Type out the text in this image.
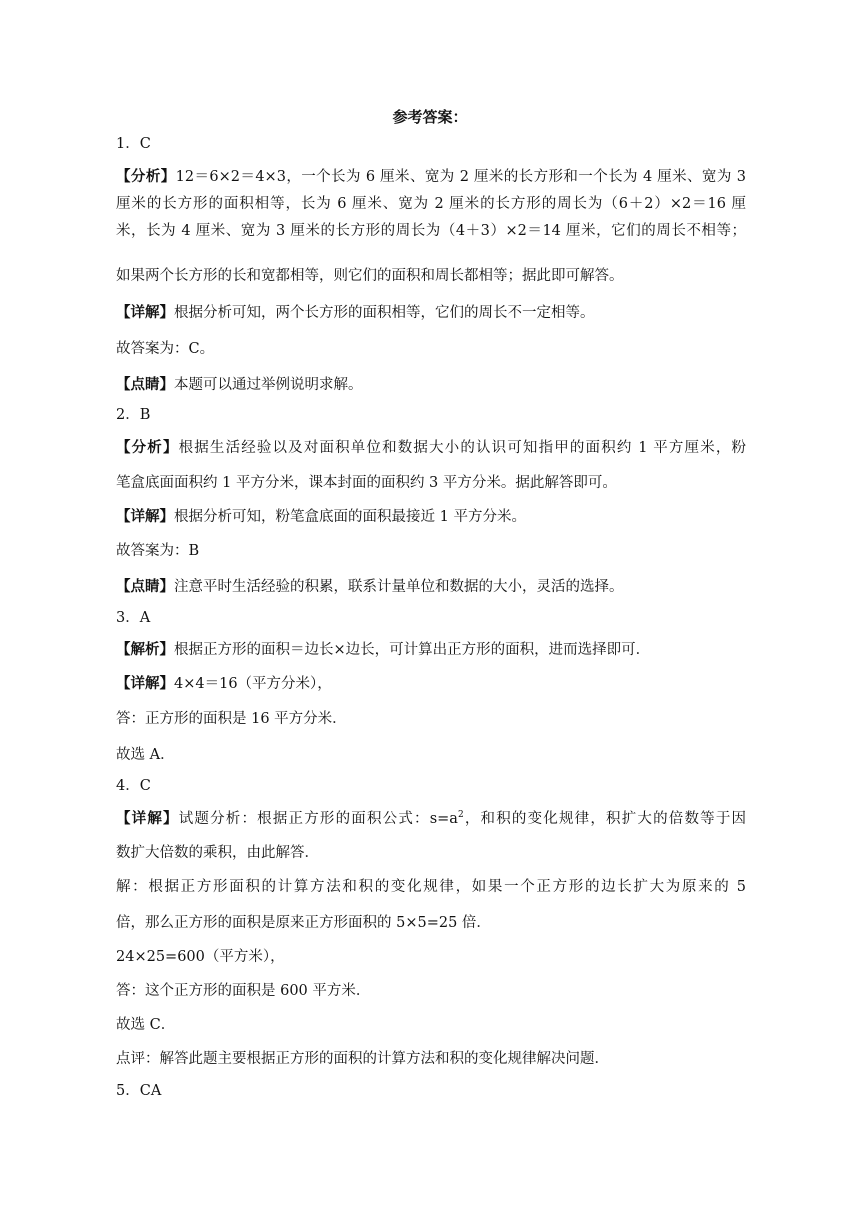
参考答案：
1．C
【分析】12＝6×2＝4×3，一个长为 6 厘米、宽为 2 厘米的长方形和一个长为 4 厘米、宽为 3
厘米的长方形的面积相等，长为 6 厘米、宽为 2 厘米的长方形的周长为（6＋2）×2＝16 厘
米，长为 4 厘米、宽为 3 厘米的长方形的周长为（4＋3）×2＝14 厘米，它们的周长不相等；
如果两个长方形的长和宽都相等，则它们的面积和周长都相等；据此即可解答。
【详解】根据分析可知，两个长方形的面积相等，它们的周长不一定相等。
故答案为：C。
【点睛】本题可以通过举例说明求解。
2．B
【分析】根据生活经验以及对面积单位和数据大小的认识可知指甲的面积约 1 平方厘米，粉
笔盒底面面积约 1 平方分米，课本封面的面积约 3 平方分米。据此解答即可。
【详解】根据分析可知，粉笔盒底面的面积最接近 1 平方分米。
故答案为：B
【点睛】注意平时生活经验的积累，联系计量单位和数据的大小，灵活的选择。
3．A
【解析】根据正方形的面积＝边长×边长，可计算出正方形的面积，进而选择即可．
【详解】4×4＝16（平方分米），
答：正方形的面积是 16 平方分米．
故选 A．
4．C
【详解】试题分析：根据正方形的面积公式：$s=a^2$，和积的变化规律，积扩大的倍数等于因
数扩大倍数的乘积，由此解答．
解：根据正方形面积的计算方法和积的变化规律，如果一个正方形的边长扩大为原来的 5
倍，那么正方形的面积是原来正方形面积的 5×5=25 倍．
24×25=600（平方米），
答：这个正方形的面积是 600 平方米．
故选 C．
点评：解答此题主要根据正方形的面积的计算方法和积的变化规律解决问题．
5．CA
